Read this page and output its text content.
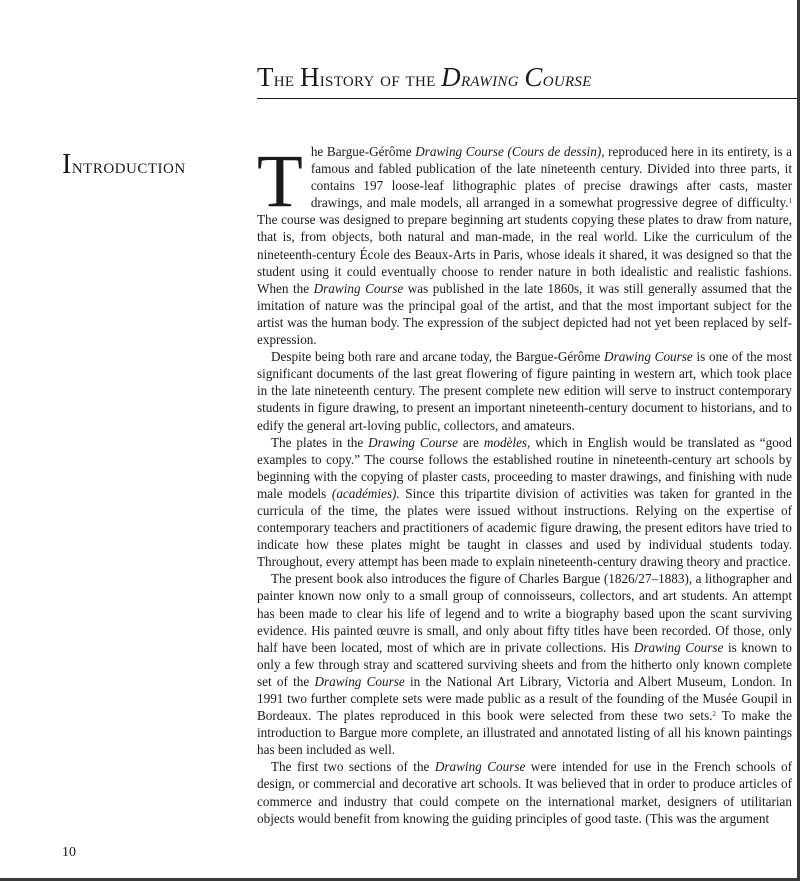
The History of the Drawing Course
Introduction The Bargue-Gérôme Drawing Course (Cours de dessin), reproduced here in its entirety, is a famous and fabled publication of the late nineteenth century. Divided into three parts, it contains 197 loose-leaf lithographic plates of precise drawings after casts, master drawings, and male models, all arranged in a somewhat progressive degree of difficulty.$^1$ The course was designed to prepare beginning art students copying these plates to draw from nature, that is, from objects, both natural and man-made, in the real world. Like the curriculum of the nineteenth-century École des Beaux-Arts in Paris, whose ideals it shared, it was designed so that the student using it could eventually choose to render nature in both idealistic and realistic fashions. When the Drawing Course was published in the late 1860s, it was still generally assumed that the imitation of nature was the principal goal of the artist, and that the most important subject for the artist was the human body. The expression of the subject depicted had not yet been replaced by self-expression.

Despite being both rare and arcane today, the Bargue-Gérôme Drawing Course is one of the most significant documents of the last great flowering of figure painting in western art, which took place in the late nineteenth century. The present complete new edition will serve to instruct contemporary students in figure drawing, to present an important nineteenth-century document to historians, and to edify the general art-loving public, collectors, and amateurs.

The plates in the Drawing Course are modèles, which in English would be translated as “good examples to copy.” The course follows the established routine in nineteenth-century art schools by beginning with the copying of plaster casts, proceeding to master drawings, and finishing with nude male models (académies). Since this tripartite division of activities was taken for granted in the curricula of the time, the plates were issued without instructions. Relying on the expertise of contemporary teachers and practitioners of academic figure drawing, the present editors have tried to indicate how these plates might be taught in classes and used by individual students today. Throughout, every attempt has been made to explain nineteenth-century drawing theory and practice.

The present book also introduces the figure of Charles Bargue (1826/27–1883), a lithographer and painter known now only to a small group of connoisseurs, collectors, and art students. An attempt has been made to clear his life of legend and to write a biography based upon the scant surviving evidence. His painted œuvre is small, and only about fifty titles have been recorded. Of those, only half have been located, most of which are in private collections. His Drawing Course is known to only a few through stray and scattered surviving sheets and from the hitherto only known complete set of the Drawing Course in the National Art Library, Victoria and Albert Museum, London. In 1991 two further complete sets were made public as a result of the founding of the Musée Goupil in Bordeaux. The plates reproduced in this book were selected from these two sets.$^2$ To make the introduction to Bargue more complete, an illustrated and annotated listing of all his known paintings has been included as well.

The first two sections of the Drawing Course were intended for use in the French schools of design, or commercial and decorative art schools. It was believed that in order to produce articles of commerce and industry that could compete on the international market, designers of utilitarian objects would benefit from knowing the guiding principles of good taste. (This was the argument

10
